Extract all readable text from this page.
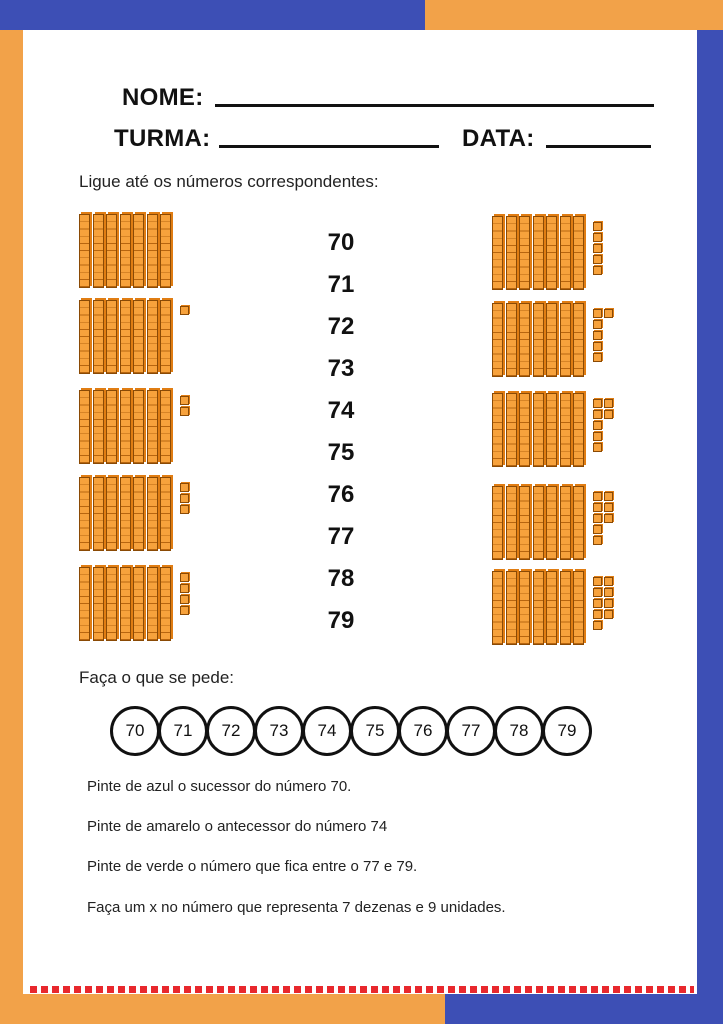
NOME:
TURMA:	DATA:
Ligue até os números correspondentes:
70
71
72
73
74
75
76
77
78
79
Faça o que se pede:
70	71	72	73	74	75	76	77	78	79
Pinte de azul o sucessor do número 70.
Pinte de amarelo o antecessor do número 74
Pinte de verde o número que fica entre o 77 e 79.
Faça um x no número que representa 7 dezenas e 9 unidades.
